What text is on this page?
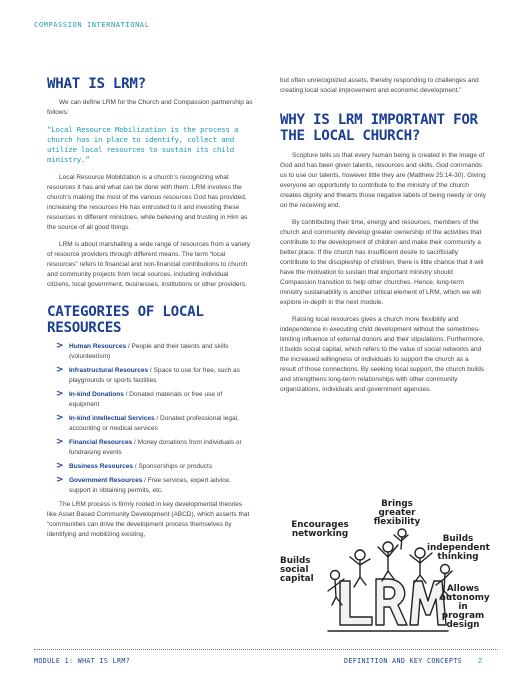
COMPASSION INTERNATIONAL
WHAT IS LRM?

We can define LRM for the Church and Compassion partnership as follows:

“Local Resource Mobilization is the process a church has in place to identify, collect and utilize local resources to sustain its child ministry.”

Local Resource Mobilization is a church’s recognizing what resources it has and what can be done with them. LRM involves the church’s making the most of the various resources God has provided, increasing the resources He has entrusted to it and investing these resources in different ministries, while believing and trusting in Him as the source of all good things.

LRM is about marshalling a wide range of resources from a variety of resource providers through different means. The term “local resources” refers to financial and non-financial contributions to church and community projects from local sources, including individual citizens, local government, businesses, institutions or other providers.

CATEGORIES OF LOCAL RESOURCES
> Human Resources / People and their talents and skills (volunteerism)
> Infrastructural Resources / Space to use for free, such as playgrounds or sports facilities
> In-kind Donations / Donated materials or free use of equipment
> In-kind intellectual Services / Donated professional legal, accounting or medical services
> Financial Resources / Money donations from individuals or fundraising events
> Business Resources / Sponsorships or products
> Government Resources / Free services, expert advice, support in obtaining permits, etc.

The LRM process is firmly rooted in key developmental theories like Asset Based Community Development (ABCD), which asserts that “communities can drive the development process themselves by identifying and mobilizing existing,

but often unrecognized assets, thereby responding to challenges and creating local social improvement and economic development.”

WHY IS LRM IMPORTANT FOR THE LOCAL CHURCH?

Scripture tells us that every human being is created in the image of God and has been given talents, resources and skills. God commands us to use our talents, however little they are (Matthew 25:14-30). Giving everyone an opportunity to contribute to the ministry of the church creates dignity and thwarts those negative labels of being needy or only on the receiving end.

By contributing their time, energy and resources, members of the church and community develop greater ownership of the activities that contribute to the development of children and make their community a better place. If the church has insufficient desire to sacrificially contribute to the discipleship of children, there is little chance that it will have the motivation to sustain that important ministry should Compassion transition to help other churches. Hence, long-term ministry sustainability is another critical element of LRM, which we will explore in-depth in the next module.

Raising local resources gives a church more flexibility and independence in executing child development without the sometimes-limiting influence of external donors and their stipulations. Furthermore, it builds social capital, which refers to the value of social networks and the increased willingness of individuals to support the church as a result of those connections. By seeking local support, the church builds and strengthens long-term relationships with other community organizations, individuals and government agencies.

Brings greater flexibility
Encourages networking	Builds independent thinking
Builds social capital
Allows autonomy in program design
MODULE 1: WHAT IS LRM?	DEFINITION AND KEY CONCEPTS 2
